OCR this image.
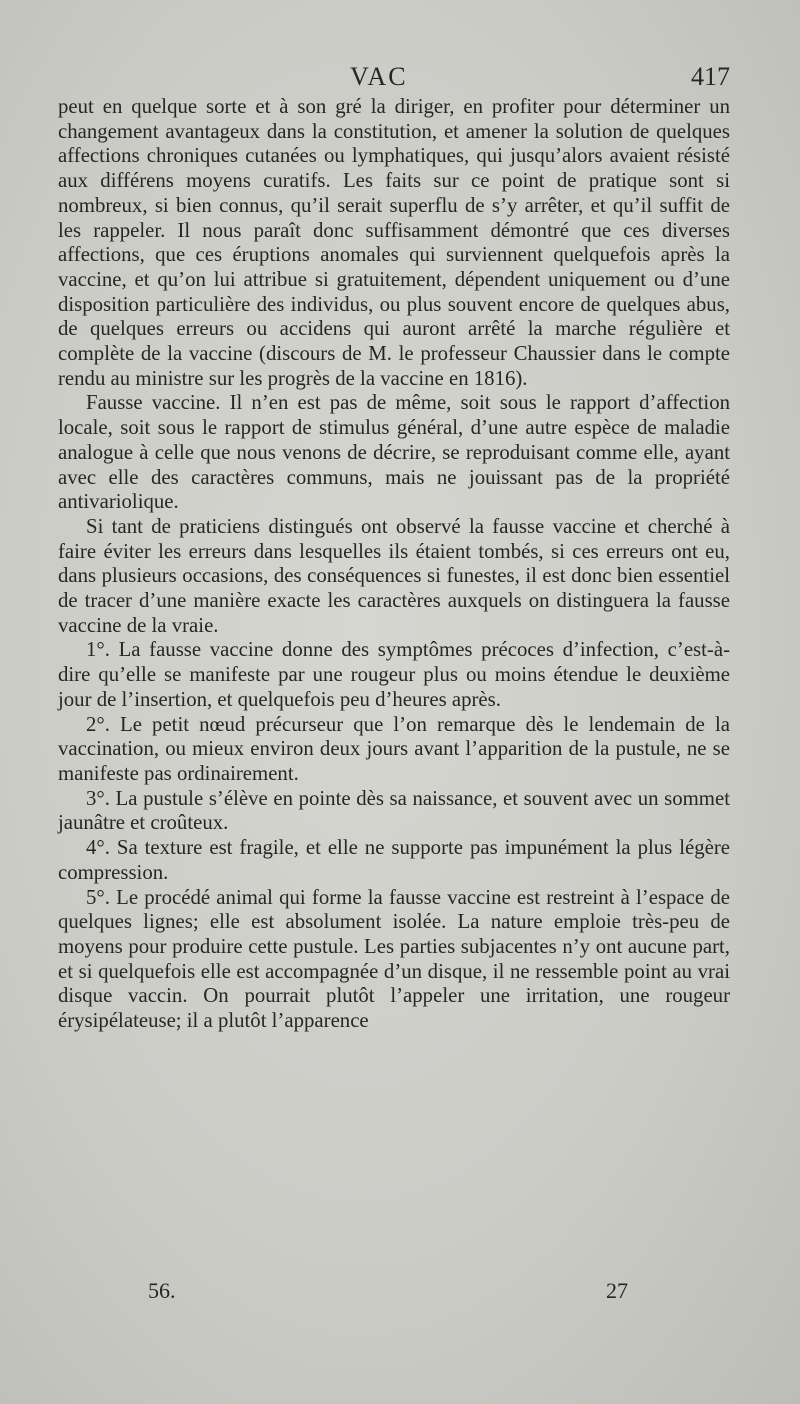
VAC	417

peut en quelque sorte et à son gré la diriger, en profiter pour déterminer un changement avantageux dans la constitution, et amener la solution de quelques affections chroniques cutanées ou lymphatiques, qui jusqu’alors avaient résisté aux différens moyens curatifs. Les faits sur ce point de pratique sont si nombreux, si bien connus, qu’il serait superflu de s’y arrêter, et qu’il suffit de les rappeler. Il nous paraît donc suffisamment démontré que ces diverses affections, que ces éruptions anomales qui surviennent quelquefois après la vaccine, et qu’on lui attribue si gratuitement, dépendent uniquement ou d’une disposition particulière des individus, ou plus souvent encore de quelques abus, de quelques erreurs ou accidens qui auront arrêté la marche régulière et complète de la vaccine (discours de M. le professeur Chaussier dans le compte rendu au ministre sur les progrès de la vaccine en 1816).

Fausse vaccine. Il n’en est pas de même, soit sous le rapport d’affection locale, soit sous le rapport de stimulus général, d’une autre espèce de maladie analogue à celle que nous venons de décrire, se reproduisant comme elle, ayant avec elle des caractères communs, mais ne jouissant pas de la propriété antivariolique.

Si tant de praticiens distingués ont observé la fausse vaccine et cherché à faire éviter les erreurs dans lesquelles ils étaient tombés, si ces erreurs ont eu, dans plusieurs occasions, des conséquences si funestes, il est donc bien essentiel de tracer d’une manière exacte les caractères auxquels on distinguera la fausse vaccine de la vraie.

1°. La fausse vaccine donne des symptômes précoces d’infection, c’est-à-dire qu’elle se manifeste par une rougeur plus ou moins étendue le deuxième jour de l’insertion, et quelquefois peu d’heures après.

2°. Le petit nœud précurseur que l’on remarque dès le lendemain de la vaccination, ou mieux environ deux jours avant l’apparition de la pustule, ne se manifeste pas ordinairement.

3°. La pustule s’élève en pointe dès sa naissance, et souvent avec un sommet jaunâtre et croûteux.

4°. Sa texture est fragile, et elle ne supporte pas impunément la plus légère compression.

5°. Le procédé animal qui forme la fausse vaccine est restreint à l’espace de quelques lignes; elle est absolument isolée. La nature emploie très-peu de moyens pour produire cette pustule. Les parties subjacentes n’y ont aucune part, et si quelquefois elle est accompagnée d’un disque, il ne ressemble point au vrai disque vaccin. On pourrait plutôt l’appeler une irritation, une rougeur érysipélateuse; il a plutôt l’apparence

56.	27
